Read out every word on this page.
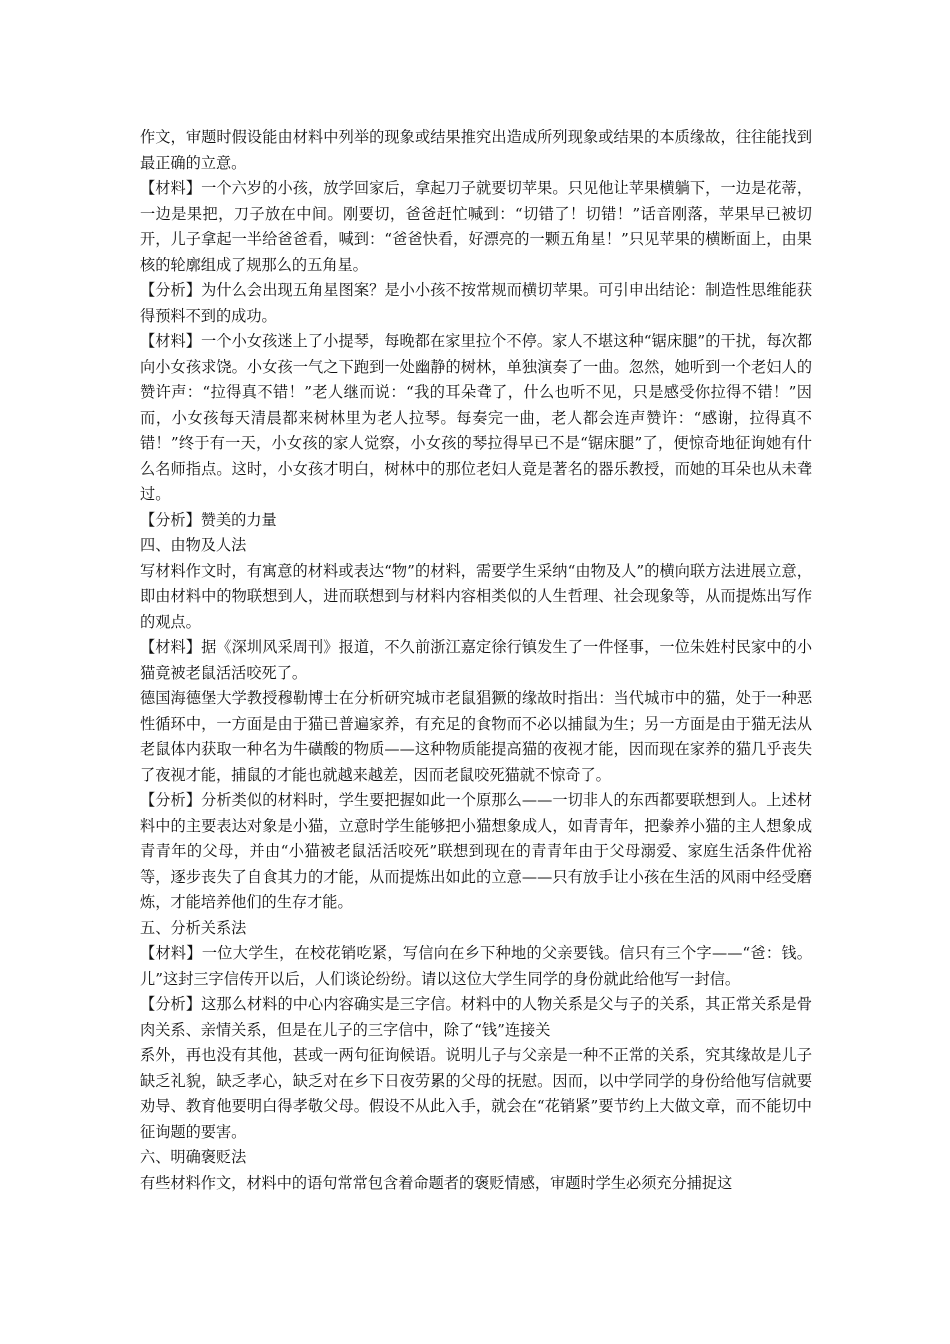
作文，审题时假设能由材料中列举的现象或结果推究出造成所列现象或结果的本质缘故，往往能找到最正确的立意。

【材料】一个六岁的小孩，放学回家后，拿起刀子就要切苹果。只见他让苹果横躺下，一边是花蒂，一边是果把，刀子放在中间。刚要切，爸爸赶忙喊到：“切错了！切错！”话音刚落，苹果早已被切开，儿子拿起一半给爸爸看，喊到：“爸爸快看，好漂亮的一颗五角星！”只见苹果的横断面上，由果核的轮廓组成了规那么的五角星。

【分析】为什么会出现五角星图案？是小小孩不按常规而横切苹果。可引申出结论：制造性思维能获得预料不到的成功。

【材料】一个小女孩迷上了小提琴，每晚都在家里拉个不停。家人不堪这种“锯床腿”的干扰，每次都向小女孩求饶。小女孩一气之下跑到一处幽静的树林，单独演奏了一曲。忽然，她听到一个老妇人的赞许声：“拉得真不错！”老人继而说：“我的耳朵聋了，什么也听不见，只是感受你拉得不错！”因而，小女孩每天清晨都来树林里为老人拉琴。每奏完一曲，老人都会连声赞许：“感谢，拉得真不错！”终于有一天，小女孩的家人觉察，小女孩的琴拉得早已不是“锯床腿”了，便惊奇地征询她有什么名师指点。这时，小女孩才明白，树林中的那位老妇人竟是著名的器乐教授，而她的耳朵也从未聋过。

【分析】赞美的力量

四、由物及人法

写材料作文时，有寓意的材料或表达“物”的材料，需要学生采纳“由物及人”的横向联方法进展立意，即由材料中的物联想到人，进而联想到与材料内容相类似的人生哲理、社会现象等，从而提炼出写作的观点。

【材料】据《深圳风采周刊》报道，不久前浙江嘉定徐行镇发生了一件怪事，一位朱姓村民家中的小猫竟被老鼠活活咬死了。

德国海德堡大学教授穆勒博士在分析研究城市老鼠猖獗的缘故时指出：当代城市中的猫，处于一种恶性循环中，一方面是由于猫已普遍家养，有充足的食物而不必以捕鼠为生；另一方面是由于猫无法从老鼠体内获取一种名为牛磺酸的物质——这种物质能提高猫的夜视才能，因而现在家养的猫几乎丧失了夜视才能，捕鼠的才能也就越来越差，因而老鼠咬死猫就不惊奇了。

【分析】分析类似的材料时，学生要把握如此一个原那么——一切非人的东西都要联想到人。上述材料中的主要表达对象是小猫，立意时学生能够把小猫想象成人，如青青年，把豢养小猫的主人想象成青青年的父母，并由“小猫被老鼠活活咬死”联想到现在的青青年由于父母溺爱、家庭生活条件优裕等，逐步丧失了自食其力的才能，从而提炼出如此的立意——只有放手让小孩在生活的风雨中经受磨炼，才能培养他们的生存才能。

五、分析关系法

【材料】一位大学生，在校花销吃紧，写信向在乡下种地的父亲要钱。信只有三个字——“爸：钱。儿”这封三字信传开以后，人们谈论纷纷。请以这位大学生同学的身份就此给他写一封信。

【分析】这那么材料的中心内容确实是三字信。材料中的人物关系是父与子的关系，其正常关系是骨肉关系、亲情关系，但是在儿子的三字信中，除了“钱”连接关

系外，再也没有其他，甚或一两句征询候语。说明儿子与父亲是一种不正常的关系，究其缘故是儿子缺乏礼貌，缺乏孝心，缺乏对在乡下日夜劳累的父母的抚慰。因而，以中学同学的身份给他写信就要劝导、教育他要明白得孝敬父母。假设不从此入手，就会在“花销紧”要节约上大做文章，而不能切中征询题的要害。

六、明确褒贬法

有些材料作文，材料中的语句常常包含着命题者的褒贬情感，审题时学生必须充分捕捉这
